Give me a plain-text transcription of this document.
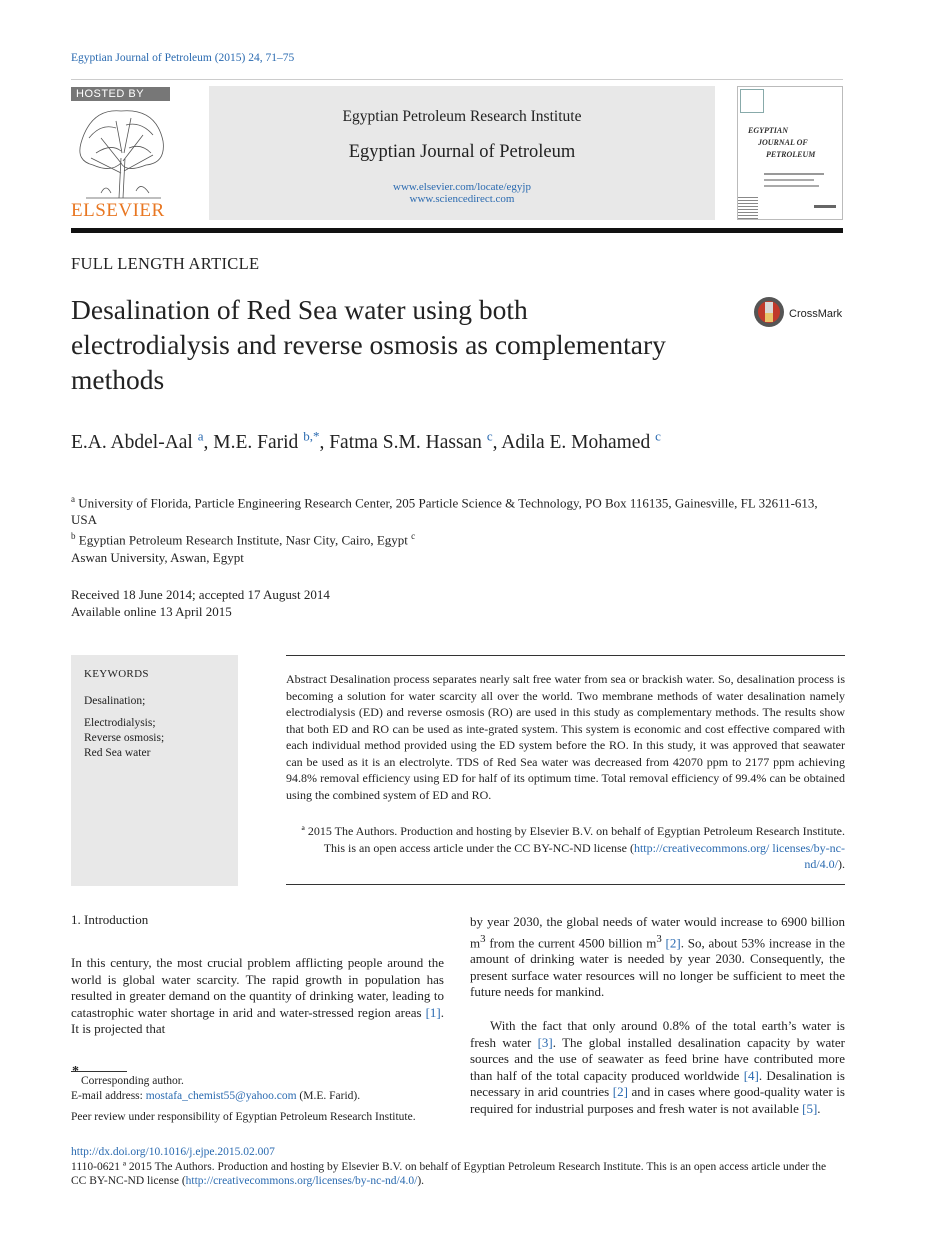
Egyptian Journal of Petroleum (2015) 24, 71–75
HOSTED BY
ELSEVIER
Egyptian Petroleum Research Institute
Egyptian Journal of Petroleum
www.elsevier.com/locate/egyjp
www.sciencedirect.com
EGYPTIAN
JOURNAL OF
PETROLEUM
FULL LENGTH ARTICLE
Desalination of Red Sea water using both electrodialysis and reverse osmosis as complementary methods
CrossMark
E.A. Abdel-Aal $^a$, M.E. Farid $^{b,*}$, Fatma S.M. Hassan $^c$, Adila E. Mohamed $^c$
$^a$ University of Florida, Particle Engineering Research Center, 205 Particle Science & Technology, PO Box 116135, Gainesville, FL 32611-613, USA
$^b$ Egyptian Petroleum Research Institute, Nasr City, Cairo, Egypt $^c$
Aswan University, Aswan, Egypt
Received 18 June 2014; accepted 17 August 2014
Available online 13 April 2015
KEYWORDS
Desalination;
Electrodialysis;
Reverse osmosis;
Red Sea water
Abstract Desalination process separates nearly salt free water from sea or brackish water. So, desalination process is becoming a solution for water scarcity all over the world. Two membrane methods of water desalination namely electrodialysis (ED) and reverse osmosis (RO) are used in this study as complementary methods. The results show that both ED and RO can be used as inte-grated system. This system is economic and cost effective compared with each individual method provided using the ED system before the RO. In this study, it was approved that seawater can be used as it is an electrolyte. TDS of Red Sea water was decreased from 42070 ppm to 2177 ppm achieving 94.8% removal efficiency using ED for half of its optimum time. Total removal efficiency of 99.4% can be obtained using the combined system of ED and RO.
ª 2015 The Authors. Production and hosting by Elsevier B.V. on behalf of Egyptian Petroleum Research Institute. This is an open access article under the CC BY-NC-ND license (http://creativecommons.org/ licenses/by-nc-nd/4.0/).
1. Introduction
In this century, the most crucial problem afflicting people around the world is global water scarcity. The rapid growth in population has resulted in greater demand on the quantity of drinking water, leading to catastrophic water shortage in arid and water-stressed region areas [1]. It is projected that
by year 2030, the global needs of water would increase to 6900 billion $m^3$ from the current 4500 billion $m^3$ [2]. So, about 53% increase in the amount of drinking water is needed by year 2030. Consequently, the present surface water resources will no longer be sufficient to meet the future needs for mankind.
With the fact that only around 0.8% of the total earth’s water is fresh water [3]. The global installed desalination capacity by water sources and the use of seawater as feed brine have contributed more than half of the total capacity produced worldwide [4]. Desalination is necessary in arid countries [2] and in cases where good-quality water is required for industrial purposes and fresh water is not available [5].
*
Corresponding author.
E-mail address: mostafa_chemist55@yahoo.com (M.E. Farid).
Peer review under responsibility of Egyptian Petroleum Research Institute.
http://dx.doi.org/10.1016/j.ejpe.2015.02.007
1110-0621 ª 2015 The Authors. Production and hosting by Elsevier B.V. on behalf of Egyptian Petroleum Research Institute. This is an open access article under the CC BY-NC-ND license (http://creativecommons.org/licenses/by-nc-nd/4.0/).
